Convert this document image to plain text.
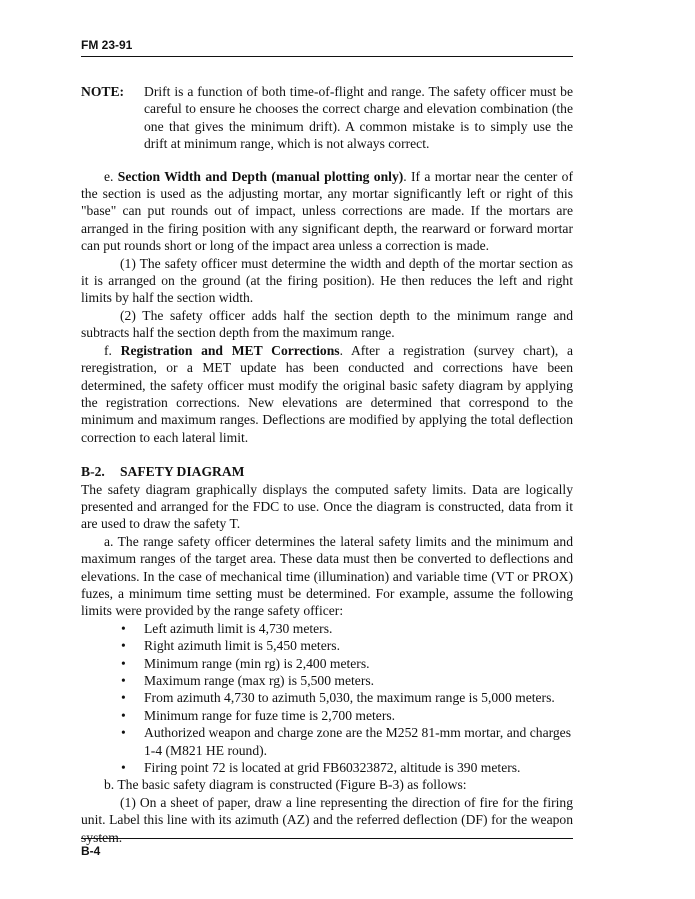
FM 23-91
NOTE:	Drift is a function of both time-of-flight and range. The safety officer must be careful to ensure he chooses the correct charge and elevation combination (the one that gives the minimum drift). A common mistake is to simply use the drift at minimum range, which is not always correct.

e. Section Width and Depth (manual plotting only). If a mortar near the center of the section is used as the adjusting mortar, any mortar significantly left or right of this "base" can put rounds out of impact, unless corrections are made. If the mortars are arranged in the firing position with any significant depth, the rearward or forward mortar can put rounds short or long of the impact area unless a correction is made.

(1) The safety officer must determine the width and depth of the mortar section as it is arranged on the ground (at the firing position). He then reduces the left and right limits by half the section width.

(2) The safety officer adds half the section depth to the minimum range and subtracts half the section depth from the maximum range.

f. Registration and MET Corrections. After a registration (survey chart), a reregistration, or a MET update has been conducted and corrections have been determined, the safety officer must modify the original basic safety diagram by applying the registration corrections. New elevations are determined that correspond to the minimum and maximum ranges. Deflections are modified by applying the total deflection correction to each lateral limit.

B-2. SAFETY DIAGRAM

The safety diagram graphically displays the computed safety limits. Data are logically presented and arranged for the FDC to use. Once the diagram is constructed, data from it are used to draw the safety T.

a. The range safety officer determines the lateral safety limits and the minimum and maximum ranges of the target area. These data must then be converted to deflections and elevations. In the case of mechanical time (illumination) and variable time (VT or PROX) fuzes, a minimum time setting must be determined. For example, assume the following limits were provided by the range safety officer:

• Left azimuth limit is 4,730 meters.
• Right azimuth limit is 5,450 meters.
• Minimum range (min rg) is 2,400 meters.
• Maximum range (max rg) is 5,500 meters.
• From azimuth 4,730 to azimuth 5,030, the maximum range is 5,000 meters.
• Minimum range for fuze time is 2,700 meters.
• Authorized weapon and charge zone are the M252 81-mm mortar, and charges 1-4 (M821 HE round).
• Firing point 72 is located at grid FB60323872, altitude is 390 meters.

b. The basic safety diagram is constructed (Figure B-3) as follows:

(1) On a sheet of paper, draw a line representing the direction of fire for the firing unit. Label this line with its azimuth (AZ) and the referred deflection (DF) for the weapon system.

B-4
